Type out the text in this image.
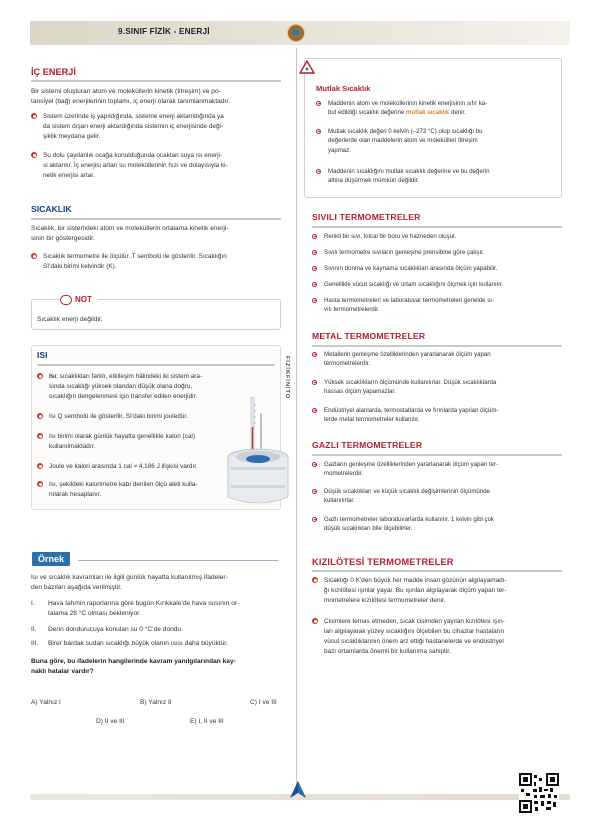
9.SINIF FİZİK - ENERJİ
FİZİKFİNİTO
İÇ ENERJİ
Bir sistemi oluşturan atom ve moleküllerin kinetik (titreşim) ve po-
tansiyel (bağ) enerjilerinin toplamı, iç enerji olarak tanımlanmaktadır.
Sistem üzerinde iş yapıldığında, sisteme enerji aktarıldığında ya
da sistem dışarı enerji aktardığında sistemin iç enerjisinde deği-
şiklik meydana gelir.
Su dolu çaydanlık ocağa konulduğunda ocaktan suya ısı enerji-
si aktarılır. İç enerjisi artan su moleküllerinin hızı ve dolayısıyla ki-
netik enerjisi artar.
SICAKLIK
Sıcaklık, bir sistemdeki atom ve moleküllerin ortalama kinetik enerji-
sinin bir göstergesidir.
Sıcaklık termometre ile ölçülür. T sembolü ile gösterilir. Sıcaklığın
SI’daki birimi kelvindir (K).
NOT
Sıcaklık enerji değildir.
ISI
Isı; sıcaklıkları farklı, etkileşim hâlindeki iki sistem ara-
sında sıcaklığı yüksek olandan düşük olana doğru,
sıcaklığın dengelenmesi için transfer edilen enerjidir.
Isı Q sembolü ile gösterilir, SI’daki birimi jouledür.
Isı birimi olarak günlük hayatta genellikle kalori (cal)
kullanılmaktadır.
Joule ve kalori arasında 1 cal ≈ 4,186 J ilişkisi vardır.
Isı, şekildeki kalorimetre kabı denilen ölçü aleti kulla-
nılarak hesaplanır.
Örnek
Isı ve sıcaklık kavramları ile ilgili günlük hayatta kullanılmış ifadeler-
den bazıları aşağıda verilmiştir.
I. Hava tahmin raporlarına göre bugün Kırıkkale’de hava ısısının or-
talama 28 °C olması bekleniyor.
II. Derin dondurucuya konulan su 0 °C’de dondu.
III. Birer bardak sudan sıcaklığı büyük olanın ısısı daha büyüktür.
Buna göre, bu ifadelerin hangilerinde kavram yanılgılarından kay-
naklı hatalar vardır?
A) Yalnız I	B) Yalnız II	C) I ve III
D) II ve III	E) I, II ve III
Mutlak Sıcaklık
Maddenin atom ve moleküllerinin kinetik enerjisinin sıfır ka-
bul edildiği sıcaklık değerine mutlak sıcaklık denir.
Mutlak sıcaklık değeri 0 kelvin (–273 °C) olup sıcaklığı bu
değerlerde olan maddelerin atom ve molekülleri titreşim
yapmaz.
Maddenin sıcaklığını mutlak sıcaklık değerine ve bu değerin
altına düşürmek mümkün değildir.
SIVILI TERMOMETRELER
Renkli bir sıvı, kılcal bir boru ve hazneden oluşur.
Sıvılı termometre sıvıların genleşme prensibine göre çalışır.
Sıvının donma ve kaynama sıcaklıkları arasında ölçüm yapabilir.
Genellikle vücut sıcaklığı ve ortam sıcaklığını ölçmek için kullanılır.
Hasta termometreleri ve laboratuvar termometreleri genelde sı-
vılı termometrelerdir.
METAL TERMOMETRELER
Metallerin genleşme özelliklerinden yararlanarak ölçüm yapan
termometrelerdir.
Yüksek sıcaklıkların ölçümünde kullanılırlar. Düşük sıcaklıklarda
hassas ölçüm yapamazlar.
Endüstriyel alanlarda, termostatlarda ve fırınlarda yapılan ölçüm-
lerde metal termometreler kullanılır.
GAZLI TERMOMETRELER
Gazların genleşme özelliklerinden yararlanarak ölçüm yapan ter-
mometrelerdir.
Düşük sıcaklıkları ve küçük sıcaklık değişimlerinin ölçümünde
kullanılırlar.
Gazlı termometreler laboratuvarlarda kullanılır. 1 kelvin gibi çok
düşük sıcaklıkları bile ölçebilirler.
KIZILÖTESİ TERMOMETRELER
Sıcaklığı 0 K’den büyük her madde insan gözünün algılayamadı-
ğı kızılötesi ışınlar yayar. Bu ışınları algılayarak ölçüm yapan ter-
mometrelere kızılötesi termometreler denir.
Cisimlere temas etmeden, sıcak cisimden yayılan kızılötesi ışın-
ları algılayarak yüzey sıcaklığını ölçebilen bu cihazlar hastaların
vücut sıcaklıklarının önem arz ettiği hastanelerde ve endüstriyel
bazı ortamlarda önemli bir kullanıma sahiptir.
